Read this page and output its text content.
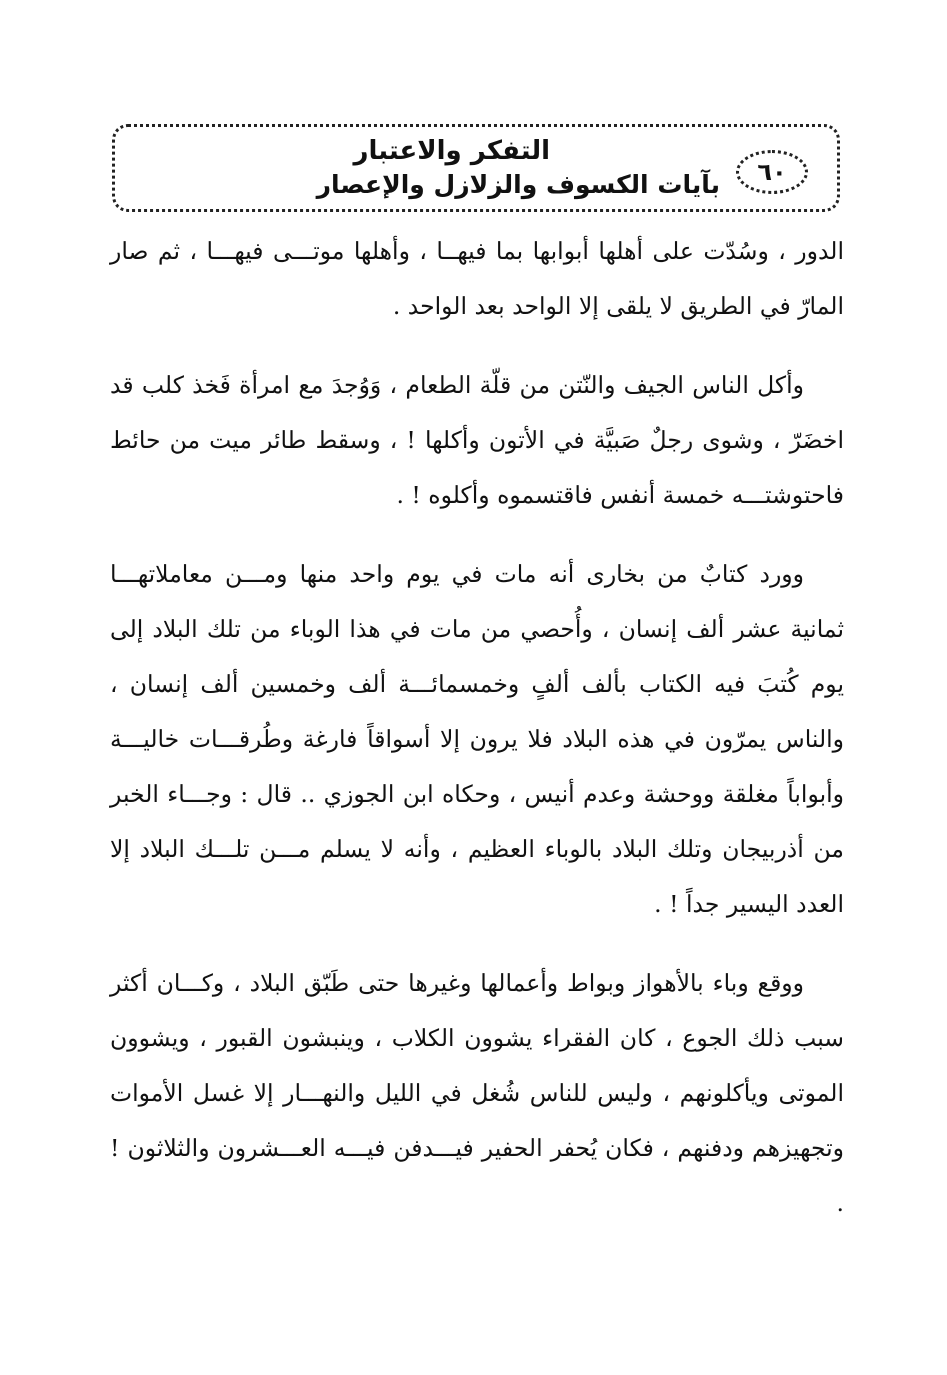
٦٠
التفكر والاعتبار
بآيات الكسوف والزلازل والإعصار

الدور ، وسُدّت على أهلها أبوابها بما فيهــا ، وأهلها موتـــى فيهـــا ، ثم صار المارّ في الطريق لا يلقى إلا الواحد بعد الواحد .

وأكل الناس الجيف والنّتن من قلّة الطعام ، وَوُجدَ مع امرأة فَخذ كلب قد اخضَرّ ، وشوى رجلٌ صَبيَّة في الأتون وأكلها ! ، وسقط طائر ميت من حائط فاحتوشتـــه خمسة أنفس فاقتسموه وأكلوه ! .

وورد كتابٌ من بخارى أنه مات في يوم واحد منها ومـــن معاملاتهـــا ثمانية عشر ألف إنسان ، وأُحصي من مات في هذا الوباء من تلك البلاد إلى يوم كُتبَ فيه الكتاب بألف ألفٍ وخمسمائـــة ألف وخمسين ألف إنسان ، والناس يمرّون في هذه البلاد فلا يرون إلا أسواقاً فارغة وطُرقـــات خاليـــة وأبواباً مغلقة ووحشة وعدم أنيس ، وحكاه ابن الجوزي .. قال : وجـــاء الخبر من أذربيجان وتلك البلاد بالوباء العظيم ، وأنه لا يسلم مـــن تلـــك البلاد إلا العدد اليسير جداً ! .

ووقع وباء بالأهواز وبواط وأعمالها وغيرها حتى طَبّق البلاد ، وكـــان أكثر سبب ذلك الجوع ، كان الفقراء يشوون الكلاب ، وينبشون القبور ، ويشوون الموتى ويأكلونهم ، وليس للناس شُغل في الليل والنهـــار إلا غسل الأموات وتجهيزهم ودفنهم ، فكان يُحفر الحفير فيـــدفن فيـــه العـــشرون والثلاثون ! .
